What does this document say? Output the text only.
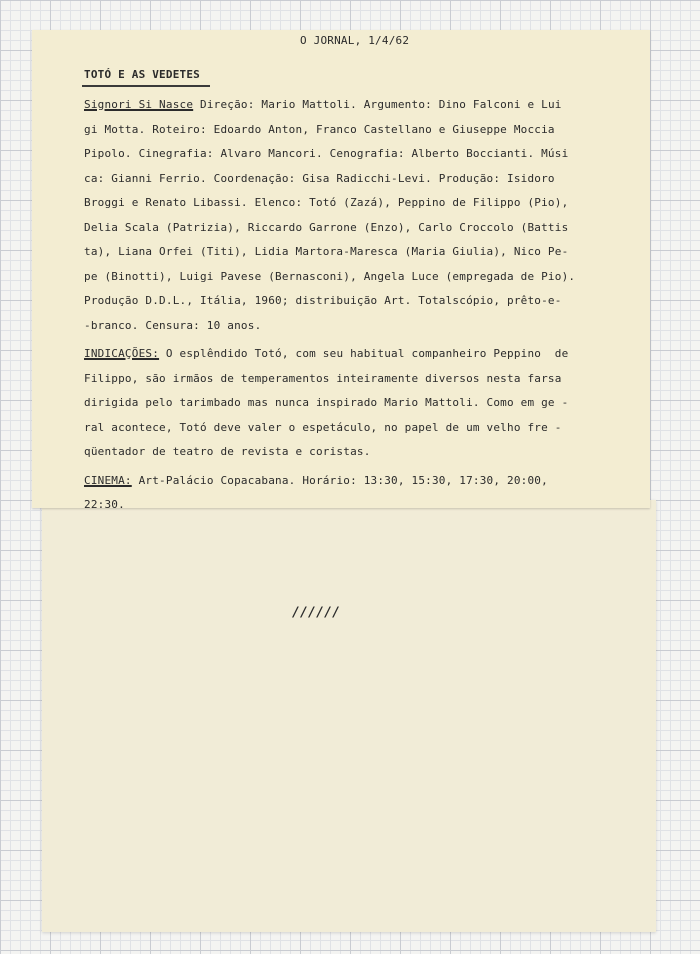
O JORNAL, 1/4/62
TOTÓ E AS VEDETES
Signori Si Nasce Direção: Mario Mattoli. Argumento: Dino Falconi e Lui
gi Motta. Roteiro: Edoardo Anton, Franco Castellano e Giuseppe Moccia
Pipolo. Cinegrafia: Alvaro Mancori. Cenografia: Alberto Boccianti. Músi
ca: Gianni Ferrio. Coordenação: Gisa Radicchi-Levi. Produção: Isidoro
Broggi e Renato Libassi. Elenco: Totó (Zazá), Peppino de Filippo (Pio),
Delia Scala (Patrizia), Riccardo Garrone (Enzo), Carlo Croccolo (Battis
ta), Liana Orfei (Titi), Lidia Martora-Maresca (Maria Giulia), Nico Pe-
pe (Binotti), Luigi Pavese (Bernasconi), Angela Luce (empregada de Pio).
Produção D.D.L., Itália, 1960; distribuição Art. Totalscópio, prêto-e-
-branco. Censura: 10 anos.
INDICAÇÕES: O esplêndido Totó, com seu habitual companheiro Peppino  de
Filippo, são irmãos de temperamentos inteiramente diversos nesta farsa
dirigida pelo tarimbado mas nunca inspirado Mario Mattoli. Como em ge -
ral acontece, Totó deve valer o espetáculo, no papel de um velho fre -
qüentador de teatro de revista e coristas.
CINEMA: Art-Palácio Copacabana. Horário: 13:30, 15:30, 17:30, 20:00,
22:30.
//////
